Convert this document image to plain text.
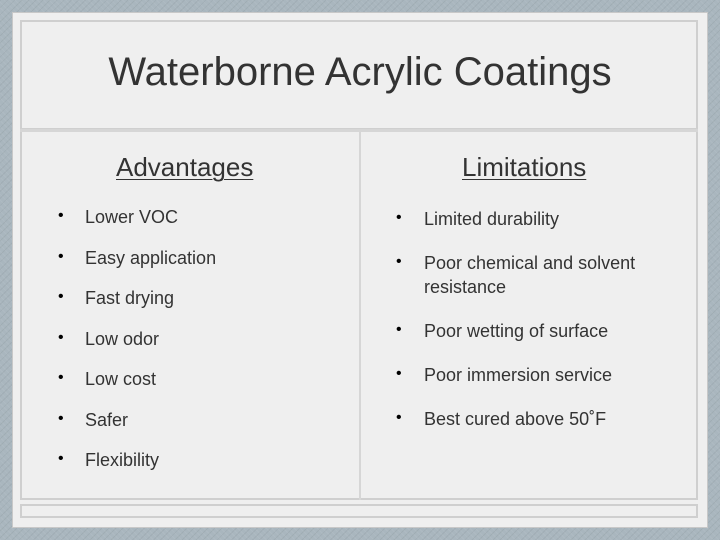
Waterborne Acrylic Coatings
Advantages	Limitations
• Lower VOC
• Easy application
• Fast drying
• Low odor
• Low cost
• Safer
• Flexibility
• Limited durability
• Poor chemical and solvent
resistance
• Poor wetting of surface
• Poor immersion service
• Best cured above 50˚F
